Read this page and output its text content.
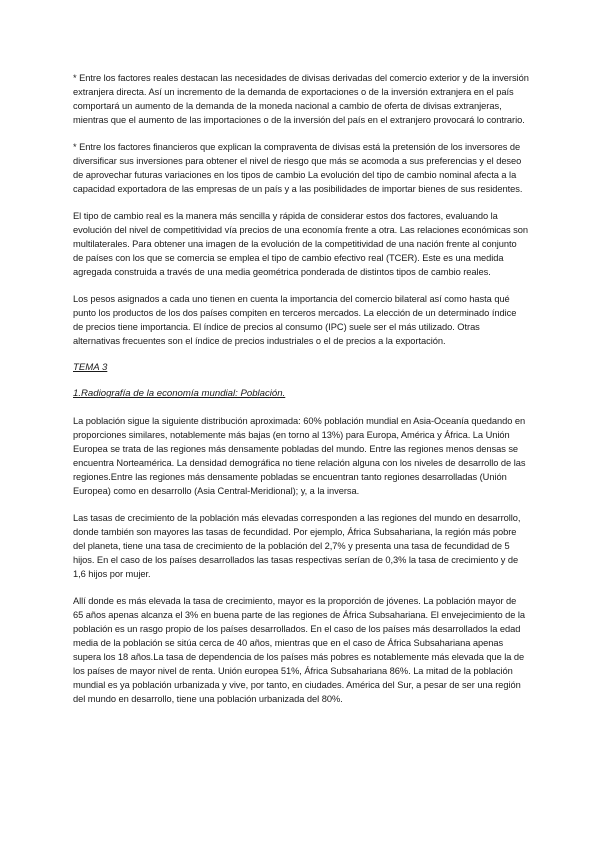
* Entre los factores reales destacan las necesidades de divisas derivadas del comercio exterior y de la inversión extranjera directa. Así un incremento de la demanda de exportaciones o de la inversión extranjera en el país comportará un aumento de la demanda de la moneda nacional a cambio de oferta de divisas extranjeras, mientras que el aumento de las importaciones o de la inversión del país en el extranjero provocará lo contrario.

* Entre los factores financieros que explican la compraventa de divisas está la pretensión de los inversores de diversificar sus inversiones para obtener el nivel de riesgo que más se acomoda a sus preferencias y el deseo de aprovechar futuras variaciones en los tipos de cambio La evolución del tipo de cambio nominal afecta a la capacidad exportadora de las empresas de un país y a las posibilidades de importar bienes de sus residentes.

El tipo de cambio real es la manera más sencilla y rápida de considerar estos dos factores, evaluando la evolución del nivel de competitividad vía precios de una economía frente a otra. Las relaciones económicas son multilaterales. Para obtener una imagen de la evolución de la competitividad de una nación frente al conjunto de países con los que se comercia se emplea el tipo de cambio efectivo real (TCER). Este es una medida agregada construida a través de una media geométrica ponderada de distintos tipos de cambio reales.

Los pesos asignados a cada uno tienen en cuenta la importancia del comercio bilateral así como hasta qué punto los productos de los dos países compiten en terceros mercados. La elección de un determinado índice de precios tiene importancia. El índice de precios al consumo (IPC) suele ser el más utilizado. Otras alternativas frecuentes son el índice de precios industriales o el de precios a la exportación.

TEMA 3

1.Radiografía de la economía mundial: Población.

La población sigue la siguiente distribución aproximada: 60% población mundial en Asia-Oceanía quedando en proporciones similares, notablemente más bajas (en torno al 13%) para Europa, América y África. La Unión Europea se trata de las regiones más densamente pobladas del mundo. Entre las regiones menos densas se encuentra Norteamérica. La densidad demográfica no tiene relación alguna con los niveles de desarrollo de las regiones.Entre las regiones más densamente pobladas se encuentran tanto regiones desarrolladas (Unión Europea) como en desarrollo (Asia Central-Meridional); y, a la inversa.

Las tasas de crecimiento de la población más elevadas corresponden a las regiones del mundo en desarrollo, donde también son mayores las tasas de fecundidad. Por ejemplo, África Subsahariana, la región más pobre del planeta, tiene una tasa de crecimiento de la población del 2,7% y presenta una tasa de fecundidad de 5 hijos. En el caso de los países desarrollados las tasas respectivas serían de 0,3% la tasa de crecimiento y de 1,6 hijos por mujer.

Allí donde es más elevada la tasa de crecimiento, mayor es la proporción de jóvenes. La población mayor de 65 años apenas alcanza el 3% en buena parte de las regiones de África Subsahariana. El envejecimiento de la población es un rasgo propio de los países desarrollados. En el caso de los países más desarrollados la edad media de la población se sitúa cerca de 40 años, mientras que en el caso de África Subsahariana apenas supera los 18 años.La tasa de dependencia de los países más pobres es notablemente más elevada que la de los países de mayor nivel de renta. Unión europea 51%, África Subsahariana 86%. La mitad de la población mundial es ya población urbanizada y vive, por tanto, en ciudades. América del Sur, a pesar de ser una región del mundo en desarrollo, tiene una población urbanizada del 80%.
